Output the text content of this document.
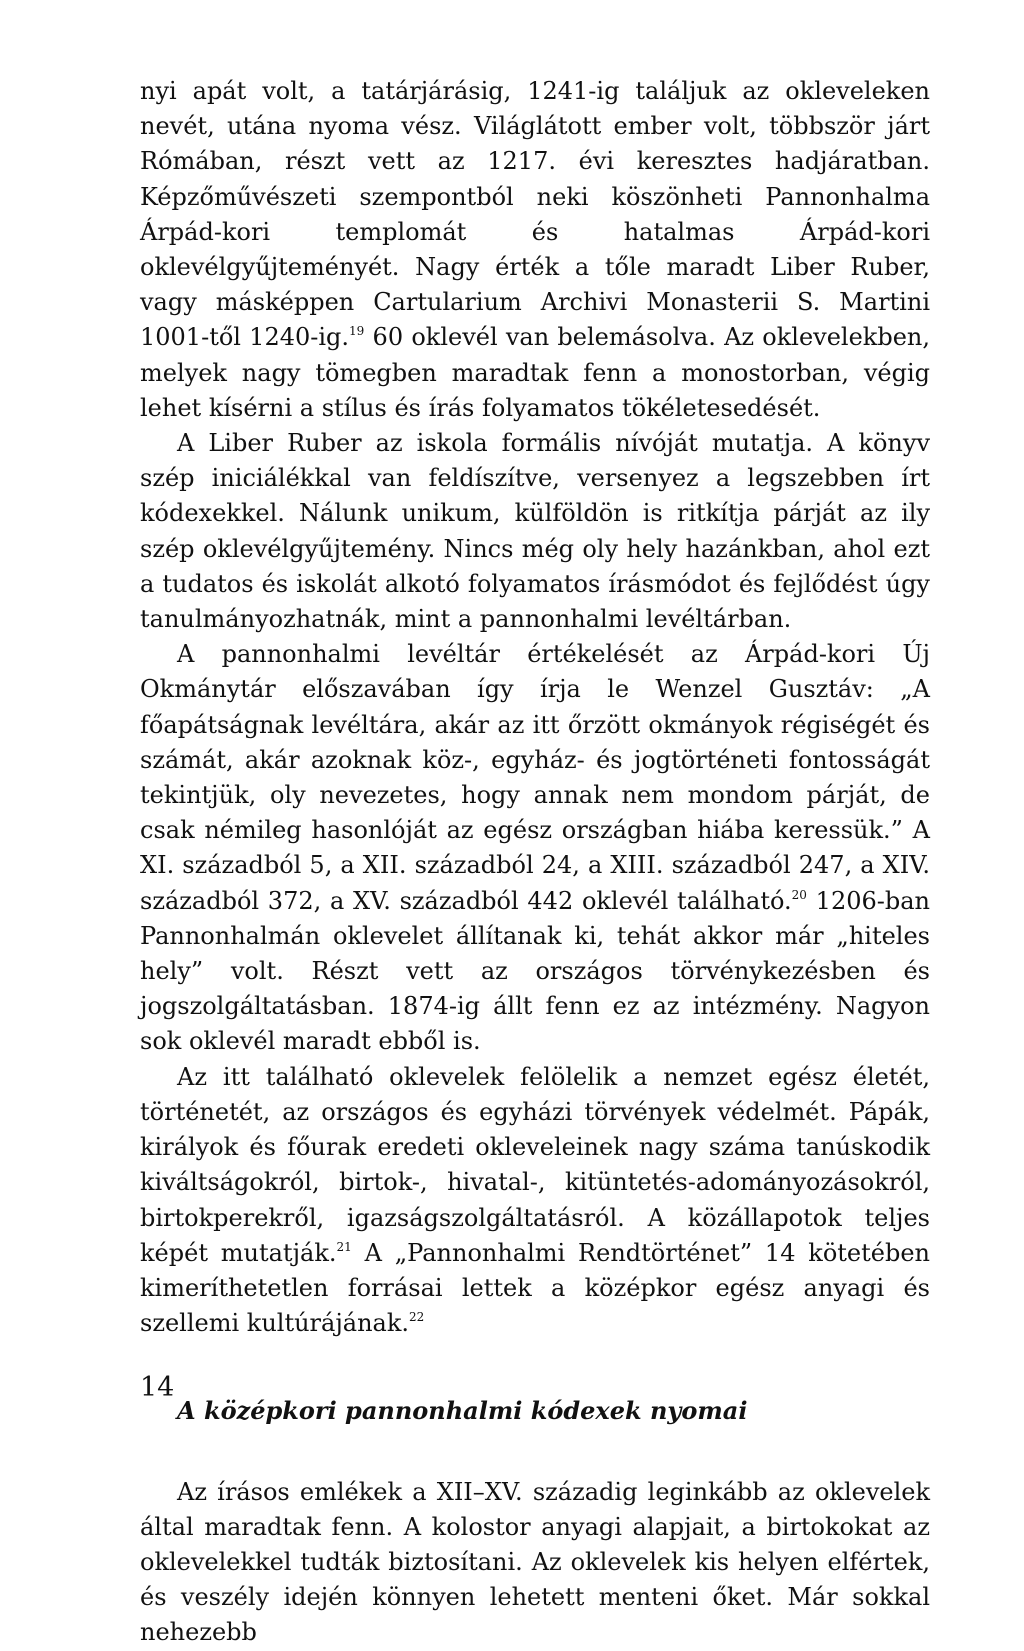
nyi apát volt, a tatárjárásig, 1241-ig találjuk az okleveleken nevét, utána nyoma vész. Világlátott ember volt, többször járt Rómában, részt vett az 1217. évi keresztes hadjáratban. Képzőművészeti szempontból neki köszönheti Pannonhalma Árpád-kori templomát és hatalmas Árpád-kori oklevélgyűjteményét. Nagy érték a tőle maradt Liber Ruber, vagy másképpen Cartularium Archivi Monasterii S. Martini 1001-től 1240-ig.$^{19}$ 60 oklevél van belemásolva. Az oklevelekben, melyek nagy tömegben maradtak fenn a monostorban, végig lehet kísérni a stílus és írás folyamatos tökéletesedését.

A Liber Ruber az iskola formális nívóját mutatja. A könyv szép iniciálékkal van feldíszítve, versenyez a legszebben írt kódexekkel. Nálunk unikum, külföldön is ritkítja párját az ily szép oklevélgyűjtemény. Nincs még oly hely hazánkban, ahol ezt a tudatos és iskolát alkotó folyamatos írásmódot és fejlődést úgy tanulmányozhatnák, mint a pannonhalmi levéltárban.

A pannonhalmi levéltár értékelését az Árpád-kori Új Okmánytár előszavában így írja le Wenzel Gusztáv: „A főapátságnak levéltára, akár az itt őrzött okmányok régiségét és számát, akár azoknak köz-, egyház- és jogtörténeti fontosságát tekintjük, oly nevezetes, hogy annak nem mondom párját, de csak némileg hasonlóját az egész országban hiába keressük.” A XI. századból 5, a XII. századból 24, a XIII. századból 247, a XIV. századból 372, a XV. századból 442 oklevél található.$^{20}$ 1206-ban Pannonhalmán oklevelet állítanak ki, tehát akkor már „hiteles hely” volt. Részt vett az országos törvénykezésben és jogszolgáltatásban. 1874-ig állt fenn ez az intézmény. Nagyon sok oklevél maradt ebből is.

Az itt található oklevelek felölelik a nemzet egész életét, történetét, az országos és egyházi törvények védelmét. Pápák, királyok és főurak eredeti okleveleinek nagy száma tanúskodik kiváltságokról, birtok-, hivatal-, kitüntetés-adományozásokról, birtokperekről, igazságszolgáltatásról. A közállapotok teljes képét mutatják.$^{21}$ A „Pannonhalmi Rendtörténet” 14 kötetében kimeríthetetlen forrásai lettek a középkor egész anyagi és szellemi kultúrájának.$^{22}$

A középkori pannonhalmi kódexek nyomai

Az írásos emlékek a XII–XV. századig leginkább az oklevelek által maradtak fenn. A kolostor anyagi alapjait, a birtokokat az oklevelekkel tudták biztosítani. Az oklevelek kis helyen elfértek, és veszély idején könnyen lehetett menteni őket. Már sokkal nehezebb

14
